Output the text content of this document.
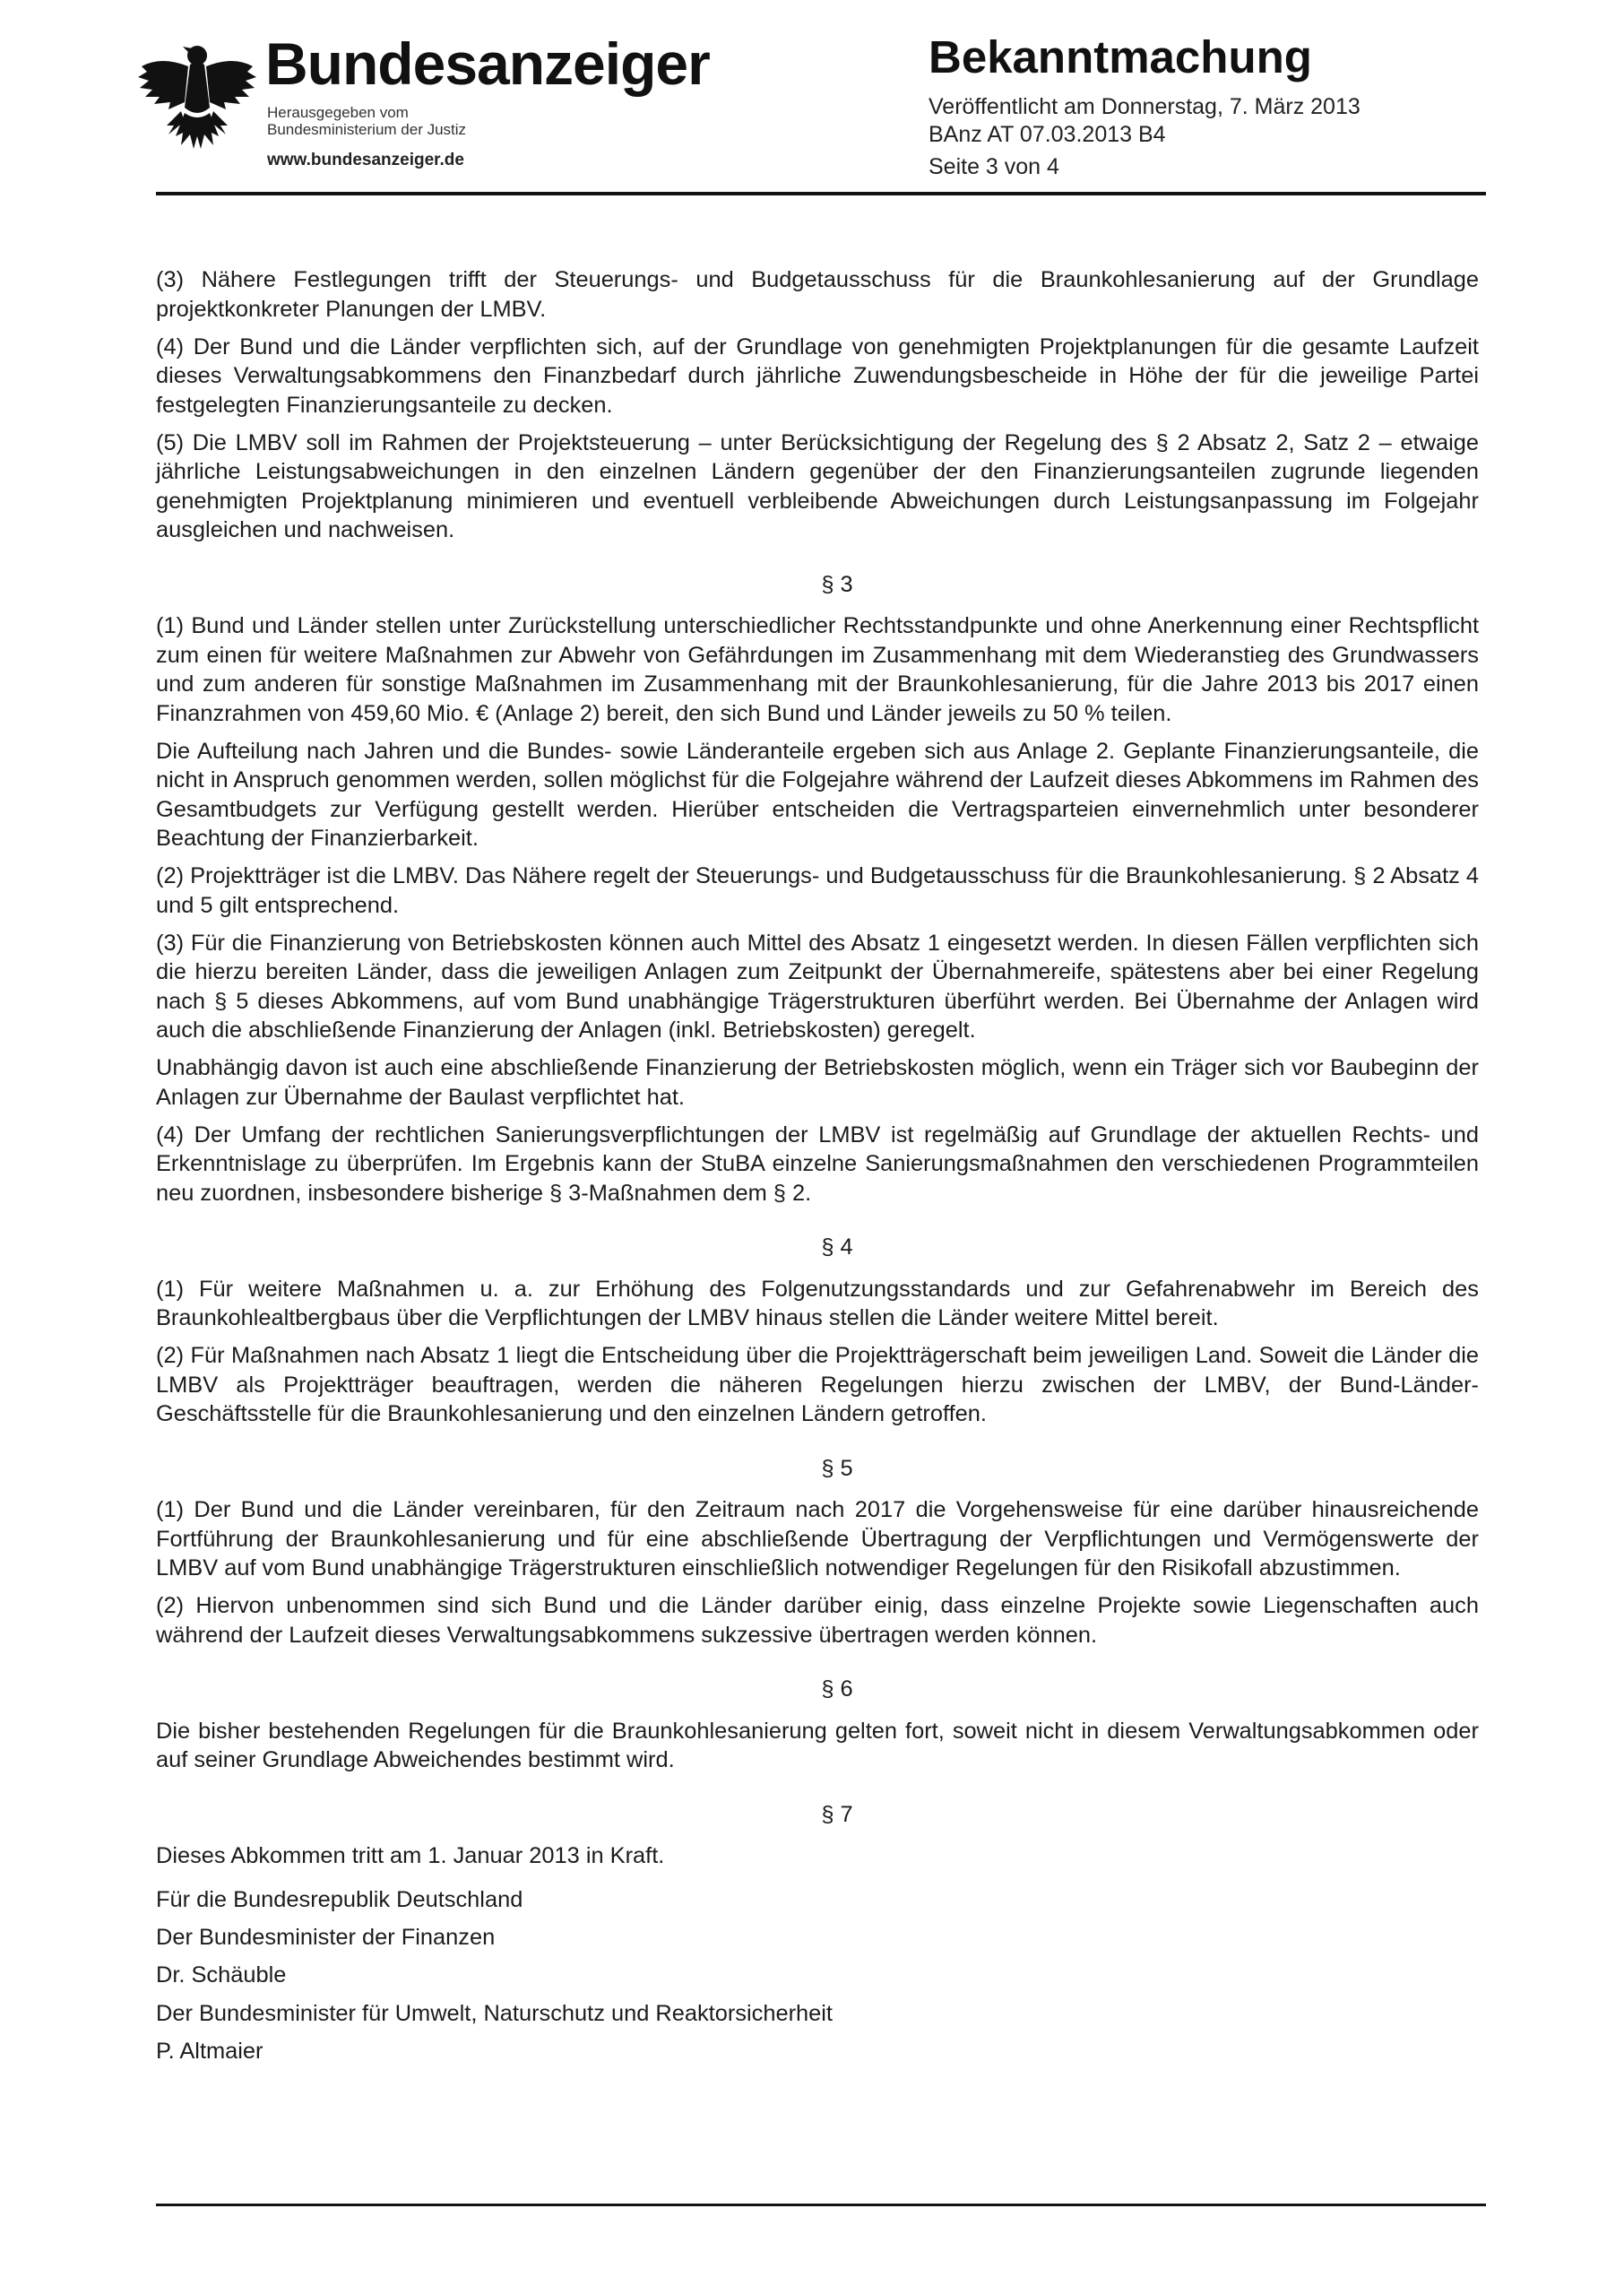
Bundesanzeiger
Herausgegeben vom
Bundesministerium der Justiz
www.bundesanzeiger.de
Bekanntmachung
Veröffentlicht am Donnerstag, 7. März 2013
BAnz AT 07.03.2013 B4
Seite 3 von 4

(3) Nähere Festlegungen trifft der Steuerungs- und Budgetausschuss für die Braunkohlesanierung auf der Grundlage projektkonkreter Planungen der LMBV.

(4) Der Bund und die Länder verpflichten sich, auf der Grundlage von genehmigten Projektplanungen für die gesamte Laufzeit dieses Verwaltungsabkommens den Finanzbedarf durch jährliche Zuwendungsbescheide in Höhe der für die jeweilige Partei festgelegten Finanzierungsanteile zu decken.

(5) Die LMBV soll im Rahmen der Projektsteuerung – unter Berücksichtigung der Regelung des § 2 Absatz 2, Satz 2 – etwaige jährliche Leistungsabweichungen in den einzelnen Ländern gegenüber der den Finanzierungsanteilen zugrunde liegenden genehmigten Projektplanung minimieren und eventuell verbleibende Abweichungen durch Leistungsanpassung im Folgejahr ausgleichen und nachweisen.

§ 3

(1) Bund und Länder stellen unter Zurückstellung unterschiedlicher Rechtsstandpunkte und ohne Anerkennung einer Rechtspflicht zum einen für weitere Maßnahmen zur Abwehr von Gefährdungen im Zusammenhang mit dem Wiederanstieg des Grundwassers und zum anderen für sonstige Maßnahmen im Zusammenhang mit der Braunkohlesanierung, für die Jahre 2013 bis 2017 einen Finanzrahmen von 459,60 Mio. € (Anlage 2) bereit, den sich Bund und Länder jeweils zu 50 % teilen.

Die Aufteilung nach Jahren und die Bundes- sowie Länderanteile ergeben sich aus Anlage 2. Geplante Finanzierungsanteile, die nicht in Anspruch genommen werden, sollen möglichst für die Folgejahre während der Laufzeit dieses Abkommens im Rahmen des Gesamtbudgets zur Verfügung gestellt werden. Hierüber entscheiden die Vertragsparteien einvernehmlich unter besonderer Beachtung der Finanzierbarkeit.

(2) Projektträger ist die LMBV. Das Nähere regelt der Steuerungs- und Budgetausschuss für die Braunkohlesanierung. § 2 Absatz 4 und 5 gilt entsprechend.

(3) Für die Finanzierung von Betriebskosten können auch Mittel des Absatz 1 eingesetzt werden. In diesen Fällen verpflichten sich die hierzu bereiten Länder, dass die jeweiligen Anlagen zum Zeitpunkt der Übernahmereife, spätestens aber bei einer Regelung nach § 5 dieses Abkommens, auf vom Bund unabhängige Trägerstrukturen überführt werden. Bei Übernahme der Anlagen wird auch die abschließende Finanzierung der Anlagen (inkl. Betriebskosten) geregelt.

Unabhängig davon ist auch eine abschließende Finanzierung der Betriebskosten möglich, wenn ein Träger sich vor Baubeginn der Anlagen zur Übernahme der Baulast verpflichtet hat.

(4) Der Umfang der rechtlichen Sanierungsverpflichtungen der LMBV ist regelmäßig auf Grundlage der aktuellen Rechts- und Erkenntnislage zu überprüfen. Im Ergebnis kann der StuBA einzelne Sanierungsmaßnahmen den verschiedenen Programmteilen neu zuordnen, insbesondere bisherige § 3-Maßnahmen dem § 2.

§ 4

(1) Für weitere Maßnahmen u. a. zur Erhöhung des Folgenutzungsstandards und zur Gefahrenabwehr im Bereich des Braunkohlealtbergbaus über die Verpflichtungen der LMBV hinaus stellen die Länder weitere Mittel bereit.

(2) Für Maßnahmen nach Absatz 1 liegt die Entscheidung über die Projektträgerschaft beim jeweiligen Land. Soweit die Länder die LMBV als Projektträger beauftragen, werden die näheren Regelungen hierzu zwischen der LMBV, der Bund-Länder-Geschäftsstelle für die Braunkohlesanierung und den einzelnen Ländern getroffen.

§ 5

(1) Der Bund und die Länder vereinbaren, für den Zeitraum nach 2017 die Vorgehensweise für eine darüber hinausreichende Fortführung der Braunkohlesanierung und für eine abschließende Übertragung der Verpflichtungen und Vermögenswerte der LMBV auf vom Bund unabhängige Trägerstrukturen einschließlich notwendiger Regelungen für den Risikofall abzustimmen.

(2) Hiervon unbenommen sind sich Bund und die Länder darüber einig, dass einzelne Projekte sowie Liegenschaften auch während der Laufzeit dieses Verwaltungsabkommens sukzessive übertragen werden können.

§ 6

Die bisher bestehenden Regelungen für die Braunkohlesanierung gelten fort, soweit nicht in diesem Verwaltungsabkommen oder auf seiner Grundlage Abweichendes bestimmt wird.

§ 7

Dieses Abkommen tritt am 1. Januar 2013 in Kraft.

Für die Bundesrepublik Deutschland

Der Bundesminister der Finanzen

Dr. Schäuble

Der Bundesminister für Umwelt, Naturschutz und Reaktorsicherheit

P. Altmaier
